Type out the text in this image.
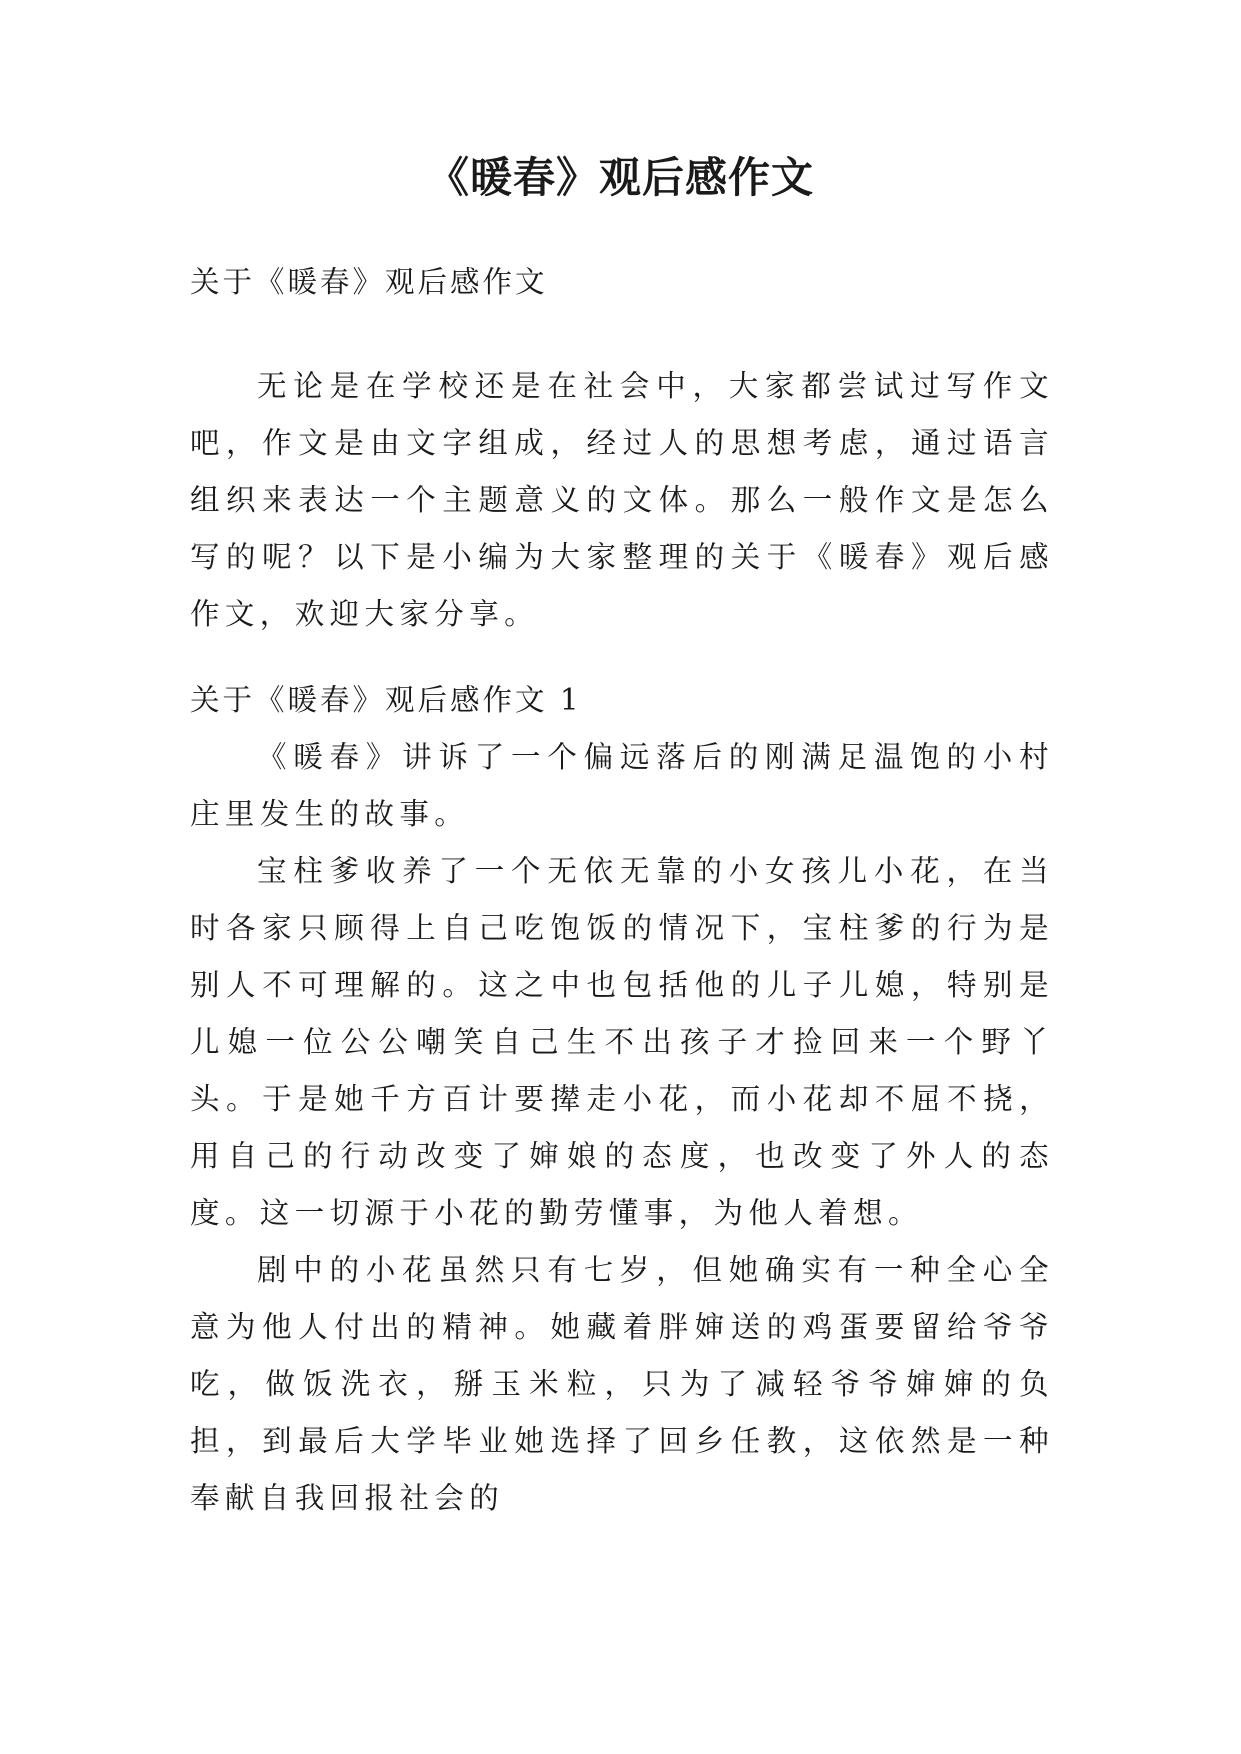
《暖春》观后感作文

关于《暖春》观后感作文

无论是在学校还是在社会中，大家都尝试过写作文吧，作文是由文字组成，经过人的思想考虑，通过语言组织来表达一个主题意义的文体。那么一般作文是怎么写的呢？以下是小编为大家整理的关于《暖春》观后感作文，欢迎大家分享。

关于《暖春》观后感作文 1

《暖春》讲诉了一个偏远落后的刚满足温饱的小村庄里发生的故事。

宝柱爹收养了一个无依无靠的小女孩儿小花，在当时各家只顾得上自己吃饱饭的情况下，宝柱爹的行为是别人不可理解的。这之中也包括他的儿子儿媳，特别是儿媳一位公公嘲笑自己生不出孩子才捡回来一个野丫头。于是她千方百计要撵走小花，而小花却不屈不挠，用自己的行动改变了婶娘的态度，也改变了外人的态度。这一切源于小花的勤劳懂事，为他人着想。

剧中的小花虽然只有七岁，但她确实有一种全心全意为他人付出的精神。她藏着胖婶送的鸡蛋要留给爷爷吃，做饭洗衣，掰玉米粒，只为了减轻爷爷婶婶的负担，到最后大学毕业她选择了回乡任教，这依然是一种奉献自我回报社会的
